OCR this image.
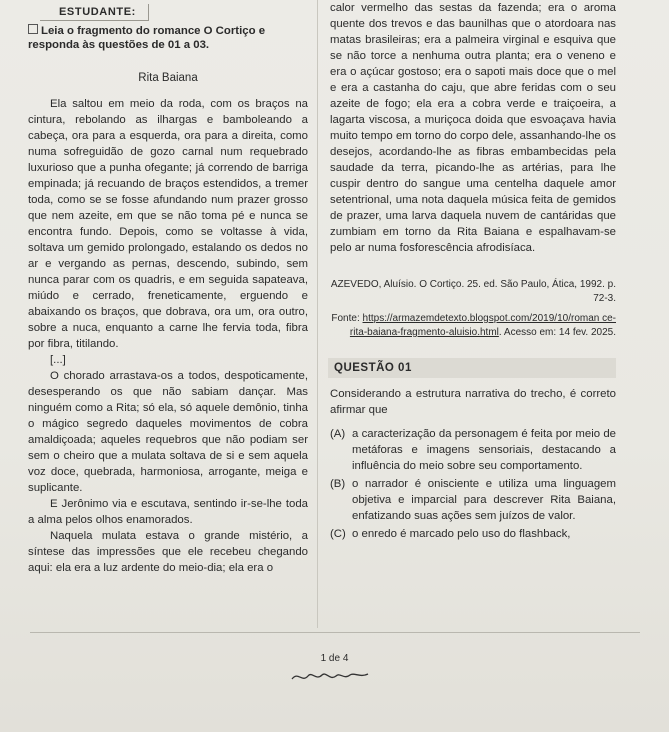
ESTUDANTE:

Leia o fragmento do romance O Cortiço e responda às questões de 01 a 03.

Rita Baiana

Ela saltou em meio da roda, com os braços na cintura, rebolando as ilhargas e bamboleando a cabeça, ora para a esquerda, ora para a direita, como numa sofreguidão de gozo carnal num requebrado luxurioso que a punha ofegante; já correndo de barriga empinada; já recuando de braços estendidos, a tremer toda, como se se fosse afundando num prazer grosso que nem azeite, em que se não toma pé e nunca se encontra fundo. Depois, como se voltasse à vida, soltava um gemido prolongado, estalando os dedos no ar e vergando as pernas, descendo, subindo, sem nunca parar com os quadris, e em seguida sapateava, miúdo e cerrado, freneticamente, erguendo e abaixando os braços, que dobrava, ora um, ora outro, sobre a nuca, enquanto a carne lhe fervia toda, fibra por fibra, titilando.

[...]

O chorado arrastava-os a todos, despoticamente, desesperando os que não sabiam dançar. Mas ninguém como a Rita; só ela, só aquele demônio, tinha o mágico segredo daqueles movimentos de cobra amaldiçoada; aqueles requebros que não podiam ser sem o cheiro que a mulata soltava de si e sem aquela voz doce, quebrada, harmoniosa, arrogante, meiga e suplicante.

E Jerônimo via e escutava, sentindo ir-se-lhe toda a alma pelos olhos enamorados.

Naquela mulata estava o grande mistério, a síntese das impressões que ele recebeu chegando aqui: ela era a luz ardente do meio-dia; ela era o

calor vermelho das sestas da fazenda; era o aroma quente dos trevos e das baunilhas que o atordoara nas matas brasileiras; era a palmeira virginal e esquiva que se não torce a nenhuma outra planta; era o veneno e era o açúcar gostoso; era o sapoti mais doce que o mel e era a castanha do caju, que abre feridas com o seu azeite de fogo; ela era a cobra verde e traiçoeira, a lagarta viscosa, a muriçoca doida que esvoaçava havia muito tempo em torno do corpo dele, assanhando-lhe os desejos, acordando-lhe as fibras embambecidas pela saudade da terra, picando-lhe as artérias, para lhe cuspir dentro do sangue uma centelha daquele amor setentrional, uma nota daquela música feita de gemidos de prazer, uma larva daquela nuvem de cantáridas que zumbiam em torno da Rita Baiana e espalhavam-se pelo ar numa fosforescência afrodisíaca.

AZEVEDO, Aluísio. O Cortiço. 25. ed. São Paulo, Ática, 1992. p. 72-3.

Fonte: https://armazemdetexto.blogspot.com/2019/10/roman ce-rita-baiana-fragmento-aluisio.html. Acesso em: 14 fev. 2025.

QUESTÃO 01

Considerando a estrutura narrativa do trecho, é correto afirmar que

(A) a caracterização da personagem é feita por meio de metáforas e imagens sensoriais, destacando a influência do meio sobre seu comportamento.
(B) o narrador é onisciente e utiliza uma linguagem objetiva e imparcial para descrever Rita Baiana, enfatizando suas ações sem juízos de valor.
(C) o enredo é marcado pelo uso do flashback,
1 de 4
